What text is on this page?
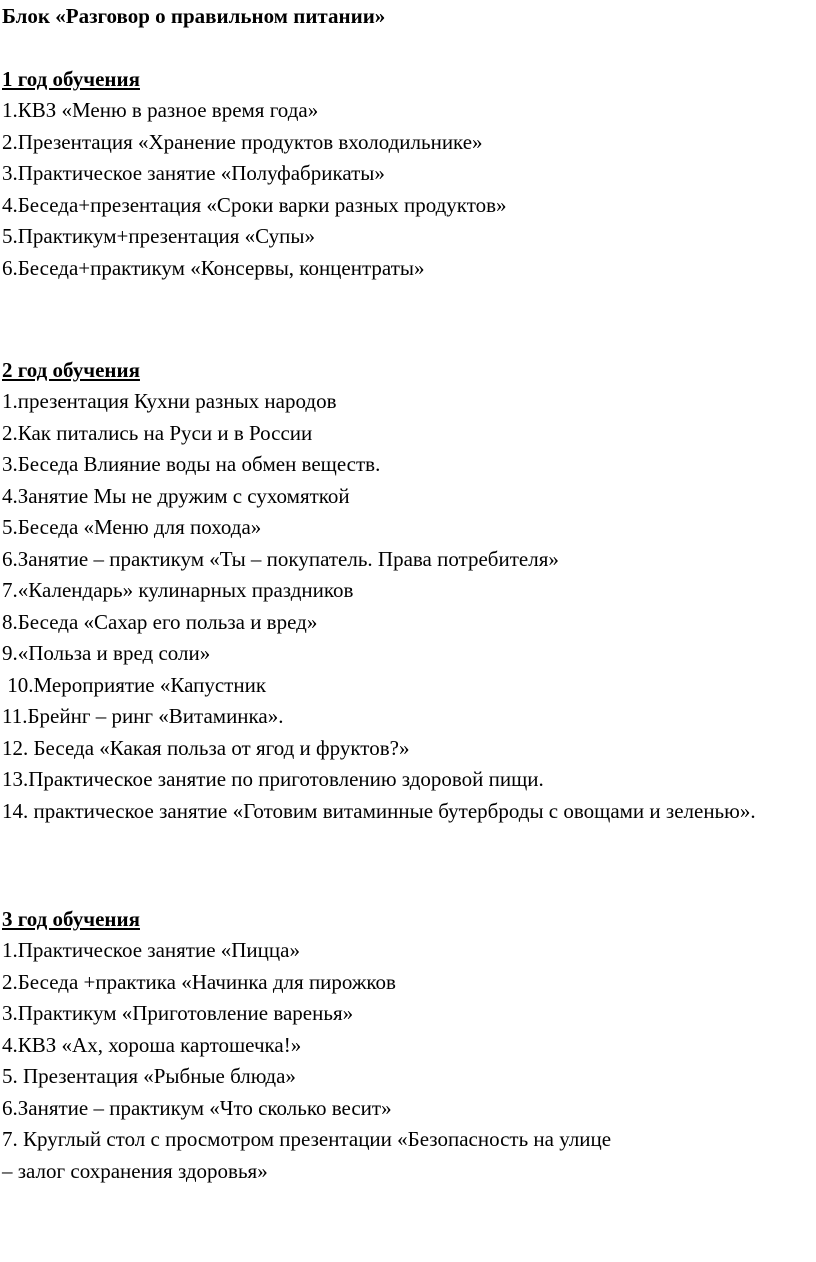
Блок «Разговор о правильном питании»
1 год обучения
1.КВЗ «Меню в разное время года»
2.Презентация «Хранение продуктов вхолодильнике»
3.Практическое занятие «Полуфабрикаты»
4.Беседа+презентация «Сроки варки разных продуктов»
5.Практикум+презентация «Супы»
6.Беседа+практикум «Консервы, концентраты»
2 год обучения
1.презентация Кухни разных народов
2.Как питались на Руси и в России
3.Беседа Влияние воды на обмен веществ.
4.Занятие Мы не дружим с сухомяткой
5.Беседа «Меню для похода»
6.Занятие – практикум «Ты – покупатель. Права потребителя»
7.«Календарь» кулинарных праздников
8.Беседа «Сахар его польза и вред»
9.«Польза и вред соли»
10.Мероприятие «Капустник
11.Брейнг – ринг «Витаминка».
12. Беседа «Какая польза от ягод и фруктов?»
13.Практическое занятие по приготовлению здоровой пищи.
14. практическое занятие «Готовим витаминные бутерброды с овощами и зеленью».
3 год обучения
1.Практическое занятие «Пицца»
2.Беседа +практика «Начинка для пирожков
3.Практикум «Приготовление варенья»
4.КВЗ «Ах, хороша картошечка!»
5. Презентация «Рыбные блюда»
6.Занятие – практикум «Что сколько весит»
7. Круглый стол с просмотром презентации «Безопасность на улице
– залог сохранения здоровья»
